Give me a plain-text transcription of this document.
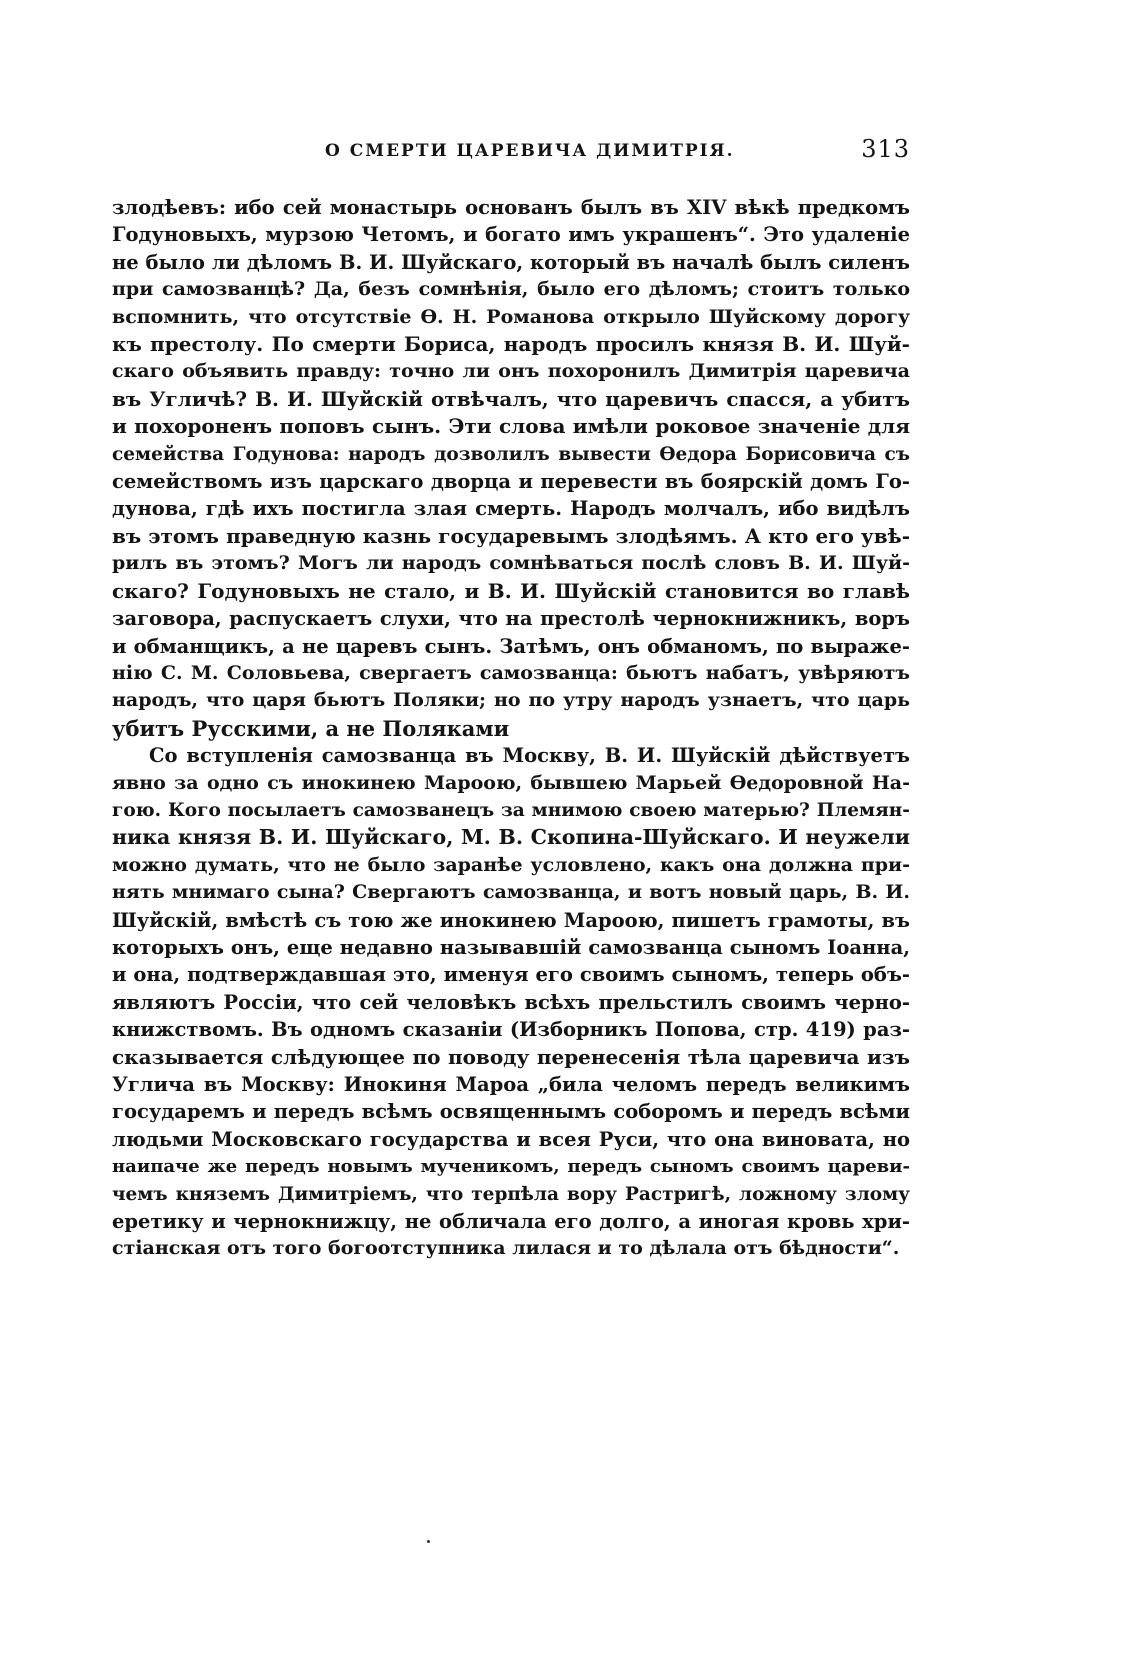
О СМЕРТИ ЦАРЕВИЧА ДИМИТРІЯ.	313
злодѣевъ: ибо сей монастырь основанъ былъ въ XIV вѣкѣ предкомъ
Годуновыхъ, мурзою Четомъ, и богато имъ украшенъ“. Это удаленіе
не было ли дѣломъ В. И. Шуйскаго, который въ началѣ былъ силенъ
при самозванцѣ? Да, безъ сомнѣнія, было его дѣломъ; стоитъ только
вспомнить, что отсутствіе Ѳ. Н. Романова открыло Шуйскому дорогу
къ престолу. По смерти Бориса, народъ просилъ князя В. И. Шуй-
скаго объявить правду: точно ли онъ похоронилъ Димитрія царевича
въ Угличѣ? В. И. Шуйскій отвѣчалъ, что царевичъ спасся, а убитъ
и похороненъ поповъ сынъ. Эти слова имѣли роковое значеніе для
семейства Годунова: народъ дозволилъ вывести Ѳедора Борисовича съ
семействомъ изъ царскаго дворца и перевести въ боярскій домъ Го-
дунова, гдѣ ихъ постигла злая смерть. Народъ молчалъ, ибо видѣлъ
въ этомъ праведную казнь государевымъ злодѣямъ. А кто его увѣ-
рилъ въ этомъ? Могъ ли народъ сомнѣваться послѣ словъ В. И. Шуй-
скаго? Годуновыхъ не стало, и В. И. Шуйскій становится во главѣ
заговора, распускаетъ слухи, что на престолѣ чернокнижникъ, воръ
и обманщикъ, а не царевъ сынъ. Затѣмъ, онъ обманомъ, по выраже-
нію С. М. Соловьева, свергаетъ самозванца: бьютъ набатъ, увѣряютъ
народъ, что царя бьютъ Поляки; но по утру народъ узнаетъ, что царь
убитъ Русскими, а не Поляками
Со вступленія самозванца въ Москву, В. И. Шуйскій дѣйствуетъ
явно за одно съ инокинею Мароою, бывшею Марьей Ѳедоровной На-
гою. Кого посылаетъ самозванецъ за мнимою своею матерью? Племян-
ника князя В. И. Шуйскаго, М. В. Скопина-Шуйскаго. И неужели
можно думать, что не было заранѣе условлено, какъ она должна при-
нять мнимаго сына? Свергаютъ самозванца, и вотъ новый царь, В. И.
Шуйскій, вмѣстѣ съ тою же инокинею Мароою, пишетъ грамоты, въ
которыхъ онъ, еще недавно называвшій самозванца сыномъ Іоанна,
и она, подтверждавшая это, именуя его своимъ сыномъ, теперь объ-
являютъ Россіи, что сей человѣкъ всѣхъ прельстилъ своимъ черно-
книжствомъ. Въ одномъ сказаніи (Изборникъ Попова, стр. 419) раз-
сказывается слѣдующее по поводу перенесенія тѣла царевича изъ
Углича въ Москву: Инокиня Мароа „била челомъ передъ великимъ
государемъ и передъ всѣмъ освященнымъ соборомъ и передъ всѣми
людьми Московскаго государства и всея Руси, что она виновата, но
наипаче же передъ новымъ мученикомъ, передъ сыномъ своимъ цареви-
чемъ княземъ Димитріемъ, что терпѣла вору Растригѣ, ложному злому
еретику и чернокнижцу, не обличала его долго, а иногая кровь хри-
стіанская отъ того богоотступника лилася и то дѣлала отъ бѣдности“.
